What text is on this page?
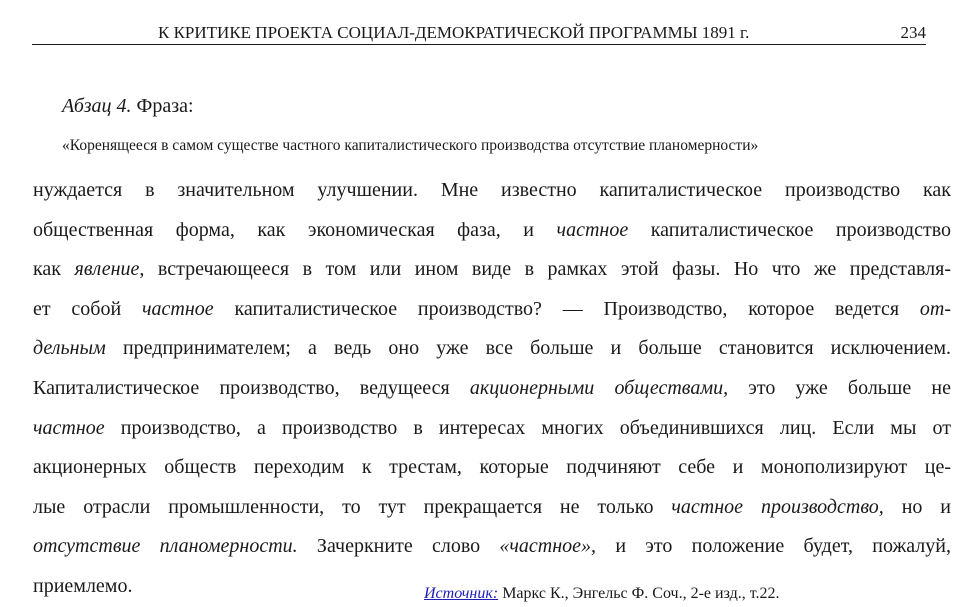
К КРИТИКЕ ПРОЕКТА СОЦИАЛ-ДЕМОКРАТИЧЕСКОЙ ПРОГРАММЫ 1891 г.	234
Абзац 4. Фраза:
«Коренящееся в самом существе частного капиталистического производства отсутствие планомерности»
нуждается в значительном улучшении. Мне известно капиталистическое производство как
общественная форма, как экономическая фаза, и частное капиталистическое производство
как явление, встречающееся в том или ином виде в рамках этой фазы. Но что же представля-
ет собой частное капиталистическое производство? — Производство, которое ведется от-
дельным предпринимателем; а ведь оно уже все больше и больше становится исключением.
Капиталистическое производство, ведущееся акционерными обществами, это уже больше не
частное производство, а производство в интересах многих объединившихся лиц. Если мы от
акционерных обществ переходим к трестам, которые подчиняют себе и монополизируют це-
лые отрасли промышленности, то тут прекращается не только частное производство, но и
отсутствие планомерности. Зачеркните слово «частное», и это положение будет, пожалуй,
приемлемо.	Источник: Маркс К., Энгельс Ф. Соч., 2-е изд., т.22.
